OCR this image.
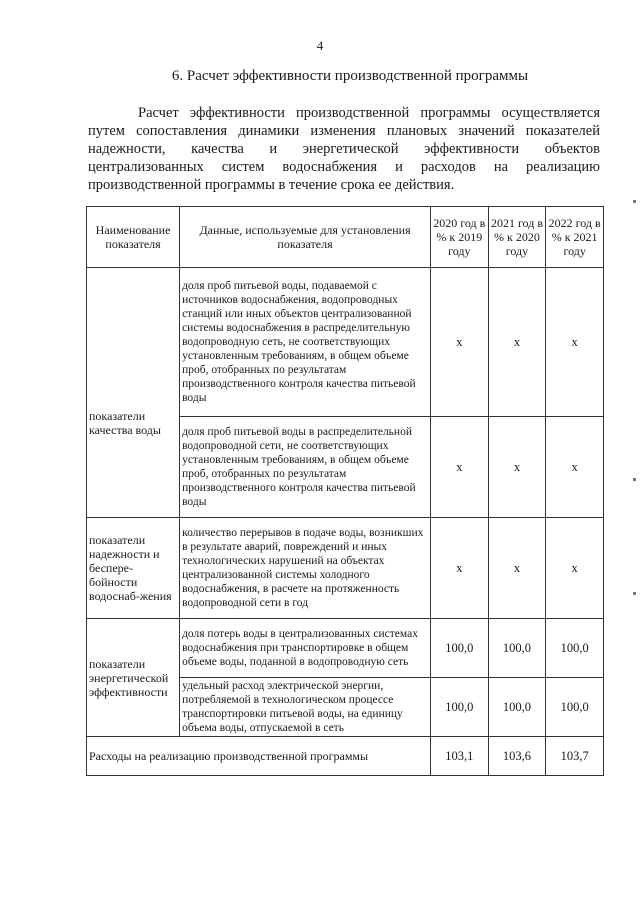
4
6. Расчет эффективности производственной программы
Расчет эффективности производственной программы осуществляется
путем сопоставления динамики изменения плановых значений показателей
надежности, качества и энергетической эффективности объектов
централизованных систем водоснабжения и расходов на реализацию
производственной программы в течение срока ее действия.
Наименование показателя	Данные, используемые для установления показателя	2020 год в % к 2019 году	2021 год в % к 2020 году	2022 год в % к 2021 году
показатели качества воды	доля проб питьевой воды, подаваемой с источников водоснабжения, водопроводных станций или иных объектов централизованной системы водоснабжения в распределительную водопроводную сеть, не соответствующих установленным требованиям, в общем объеме проб, отобранных по результатам производственного контроля качества питьевой воды	х	х	х
	доля проб питьевой воды в распределительной водопроводной сети, не соответствующих установленным требованиям, в общем объеме проб, отобранных по результатам производственного контроля качества питьевой воды	х	х	х
показатели надежности и беспере-бойности водоснаб-жения	количество перерывов в подаче воды, возникших в результате аварий, повреждений и иных технологических нарушений на объектах централизованной системы холодного водоснабжения, в расчете на протяженность водопроводной сети в год	х	х	х
показатели энергетической эффективности	доля потерь воды в централизованных системах водоснабжения при транспортировке в общем объеме воды, поданной в водопроводную сеть	100,0	100,0	100,0
	удельный расход электрической энергии, потребляемой в технологическом процессе транспортировки питьевой воды, на единицу объема воды, отпускаемой в сеть	100,0	100,0	100,0
Расходы на реализацию производственной программы		103,1	103,6	103,7
